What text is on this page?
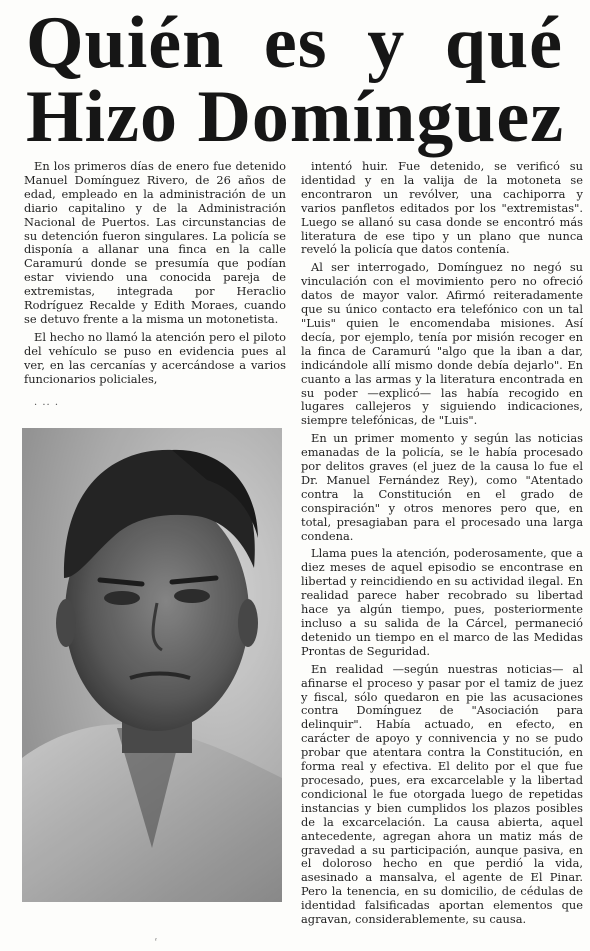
Quién es y qué
Hizo Domínguez

En los primeros días de enero fue detenido Manuel Domínguez Rivero, de 26 años de edad, empleado en la administración de un diario capitalino y de la Administración Nacional de Puertos. Las circunstancias de su detención fueron singulares. La policía se disponía a allanar una finca en la calle Caramurú donde se presumía que podían estar viviendo una conocida pareja de extremistas, integrada por Heraclio Rodríguez Recalde y Edith Moraes, cuando se detuvo frente a la misma un motonetista.

El hecho no llamó la atención pero el piloto del vehículo se puso en evidencia pues al ver, en las cercanías y acercándose a varios funcionarios policiales,

· ·· ·

intentó huir. Fue detenido, se verificó su identidad y en la valija de la motoneta se encontraron un revólver, una cachiporra y varios panfletos editados por los "extremistas". Luego se allanó su casa donde se encontró más literatura de ese tipo y un plano que nunca reveló la policía que datos contenía.

Al ser interrogado, Domínguez no negó su vinculación con el movimiento pero no ofreció datos de mayor valor. Afirmó reiteradamente que su único contacto era telefónico con un tal "Luis" quien le encomendaba misiones. Así decía, por ejemplo, tenía por misión recoger en la finca de Caramurú "algo que la iban a dar, indicándole allí mismo donde debía dejarlo". En cuanto a las armas y la literatura encontrada en su poder —explicó— las había recogido en lugares callejeros y siguiendo indicaciones, siempre telefónicas, de "Luis".

En un primer momento y según las noticias emanadas de la policía, se le había procesado por delitos graves (el juez de la causa lo fue el Dr. Manuel Fernández Rey), como "Atentado contra la Constitución en el grado de conspiración" y otros menores pero que, en total, presagiaban para el procesado una larga condena.

Llama pues la atención, poderosamente, que a diez meses de aquel episodio se encontrase en libertad y reincidiendo en su actividad ilegal. En realidad parece haber recobrado su libertad hace ya algún tiempo, pues, posteriormente incluso a su salida de la Cárcel, permaneció detenido un tiempo en el marco de las Medidas Prontas de Seguridad.

En realidad —según nuestras noticias— al afinarse el proceso y pasar por el tamiz de juez y fiscal, sólo quedaron en pie las acusaciones contra Domínguez de "Asociación para delinquir". Había actuado, en efecto, en carácter de apoyo y connivencia y no se pudo probar que atentara contra la Constitución, en forma real y efectiva. El delito por el que fue procesado, pues, era excarcelable y la libertad condicional le fue otorgada luego de repetidas instancias y bien cumplidos los plazos posibles de la excarcelación. La causa abierta, aquel antecedente, agregan ahora un matiz más de gravedad a su participación, aunque pasiva, en el doloroso hecho en que perdió la vida, asesinado a mansalva, el agente de El Pinar. Pero la tenencia, en su domicilio, de cédulas de identidad falsificadas aportan elementos que agravan, considerablemente, su causa.
